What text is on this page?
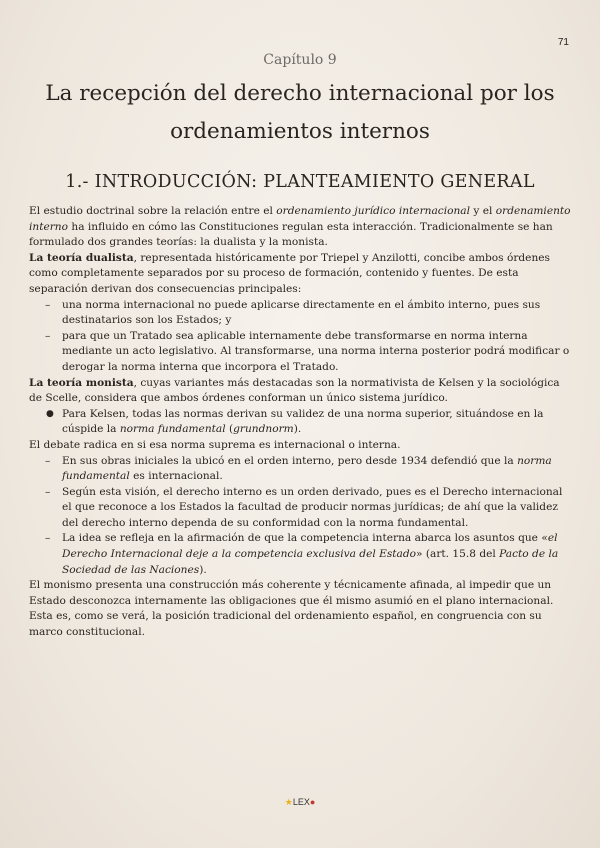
71
Capítulo 9
La recepción del derecho internacional por los ordenamientos internos
1.- INTRODUCCIÓN: PLANTEAMIENTO GENERAL

El estudio doctrinal sobre la relación entre el ordenamiento jurídico internacional y el ordenamiento interno ha influido en cómo las Constituciones regulan esta interacción. Tradicionalmente se han formulado dos grandes teorías: la dualista y la monista.

La teoría dualista, representada históricamente por Triepel y Anzilotti, concibe ambos órdenes como completamente separados por su proceso de formación, contenido y fuentes. De esta separación derivan dos consecuencias principales:

– una norma internacional no puede aplicarse directamente en el ámbito interno, pues sus destinatarios son los Estados; y
– para que un Tratado sea aplicable internamente debe transformarse en norma interna mediante un acto legislativo. Al transformarse, una norma interna posterior podrá modificar o derogar la norma interna que incorpora el Tratado.

La teoría monista, cuyas variantes más destacadas son la normativista de Kelsen y la sociológica de Scelle, considera que ambos órdenes conforman un único sistema jurídico.

● Para Kelsen, todas las normas derivan su validez de una norma superior, situándose en la cúspide la norma fundamental (grundnorm).

El debate radica en si esa norma suprema es internacional o interna.

– En sus obras iniciales la ubicó en el orden interno, pero desde 1934 defendió que la norma fundamental es internacional.
– Según esta visión, el derecho interno es un orden derivado, pues es el Derecho internacional el que reconoce a los Estados la facultad de producir normas jurídicas; de ahí que la validez del derecho interno dependa de su conformidad con la norma fundamental.
– La idea se refleja en la afirmación de que la competencia interna abarca los asuntos que «el Derecho Internacional deje a la competencia exclusiva del Estado» (art. 15.8 del Pacto de la Sociedad de las Naciones).

El monismo presenta una construcción más coherente y técnicamente afinada, al impedir que un Estado desconozca internamente las obligaciones que él mismo asumió en el plano internacional. Esta es, como se verá, la posición tradicional del ordenamiento español, en congruencia con su marco constitucional.

★LEX●
